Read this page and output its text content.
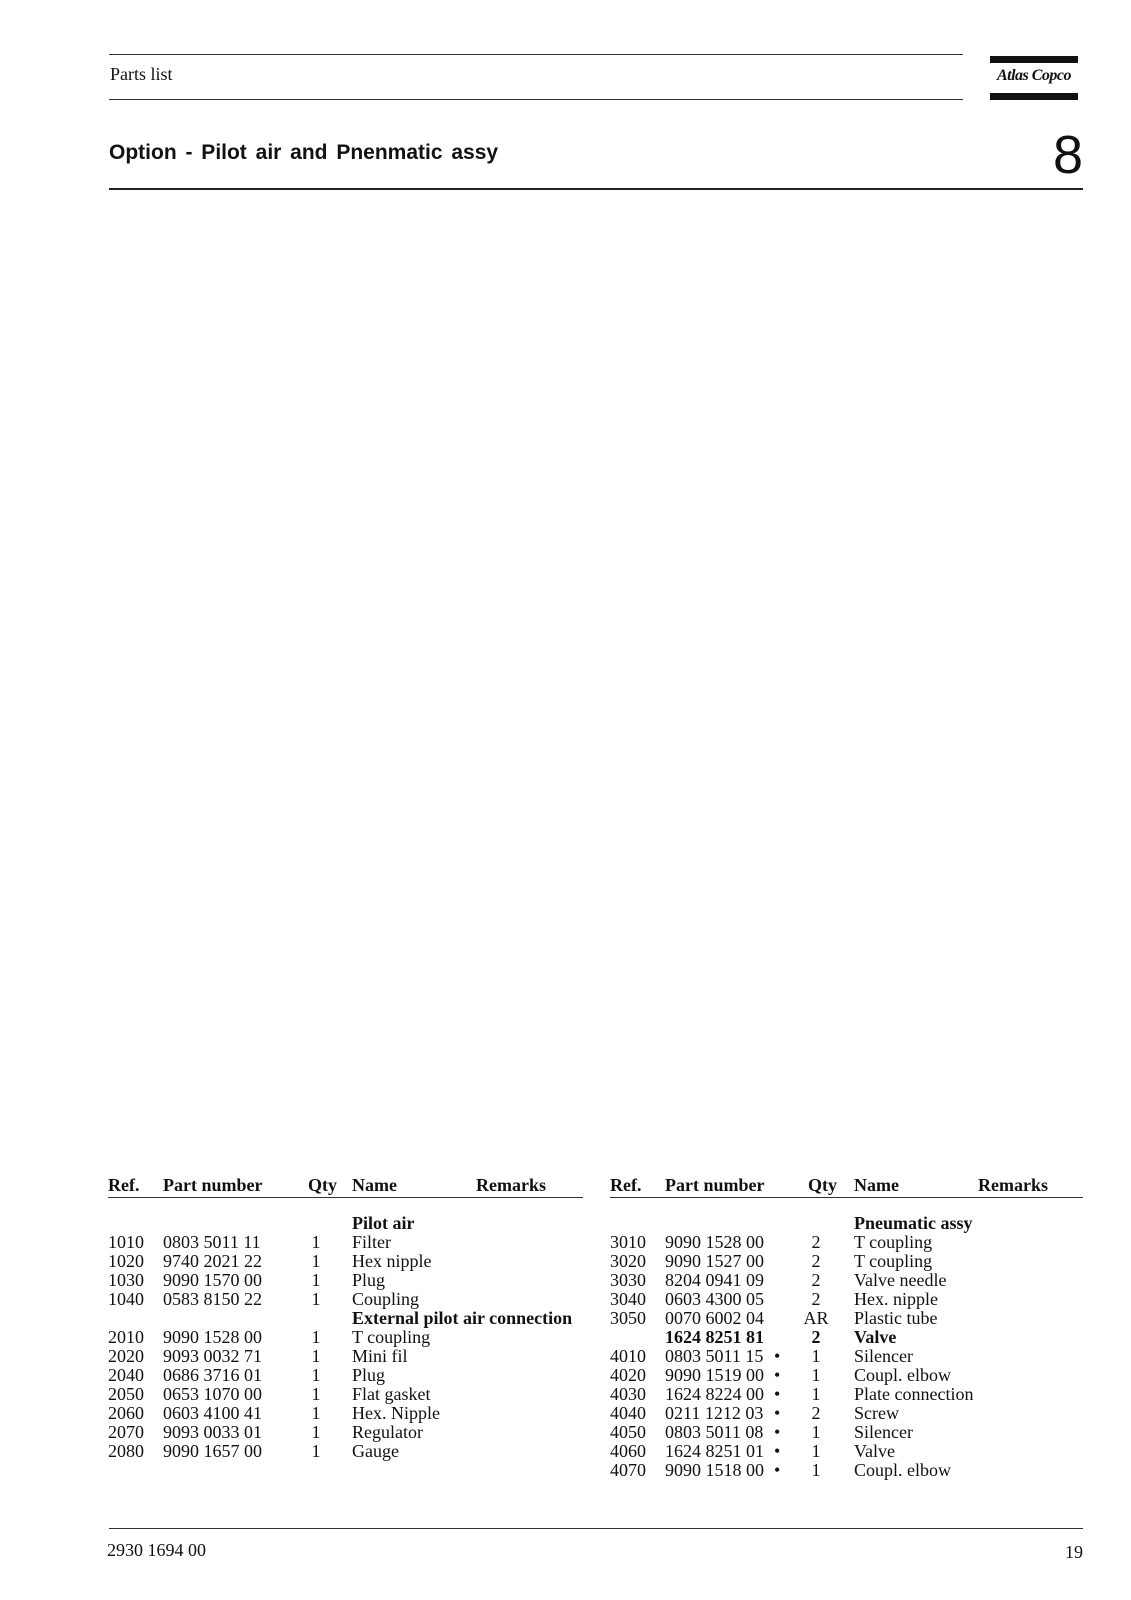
Parts list	Atlas Copco
Option - Pilot air and Pnenmatic assy	8
Ref. Part number	Qty Name	Remarks
Pilot air
1010 0803 5011 11	1	Filter
1020 9740 2021 22	1	Hex nipple
1030 9090 1570 00	1	Plug
1040 0583 8150 22	1	Coupling
External pilot air connection
2010 9090 1528 00	1	T coupling
2020 9093 0032 71	1	Mini fil
2040 0686 3716 01	1	Plug
2050 0653 1070 00	1	Flat gasket
2060 0603 4100 41	1	Hex. Nipple
2070 9093 0033 01	1	Regulator
2080 9090 1657 00	1	Gauge
Ref. Part number Qty Name	Remarks
Pneumatic assy
3010 9090 1528 00	2	T coupling
3020 9090 1527 00	2	T coupling
3030 8204 0941 09	2	Valve needle
3040 0603 4300 05	2	Hex. nipple
3050 0070 6002 04 AR Plastic tube
1624 8251 81	2	Valve
4010 0803 5011 15 •	1	Silencer
4020 9090 1519 00 •	1	Coupl. elbow
4030 1624 8224 00 •	1	Plate connection
4040 0211 1212 03 •	2	Screw
4050 0803 5011 08 •	1	Silencer
4060 1624 8251 01 •	1	Valve
4070 9090 1518 00 •	1	Coupl. elbow
2930 1694 00	19
